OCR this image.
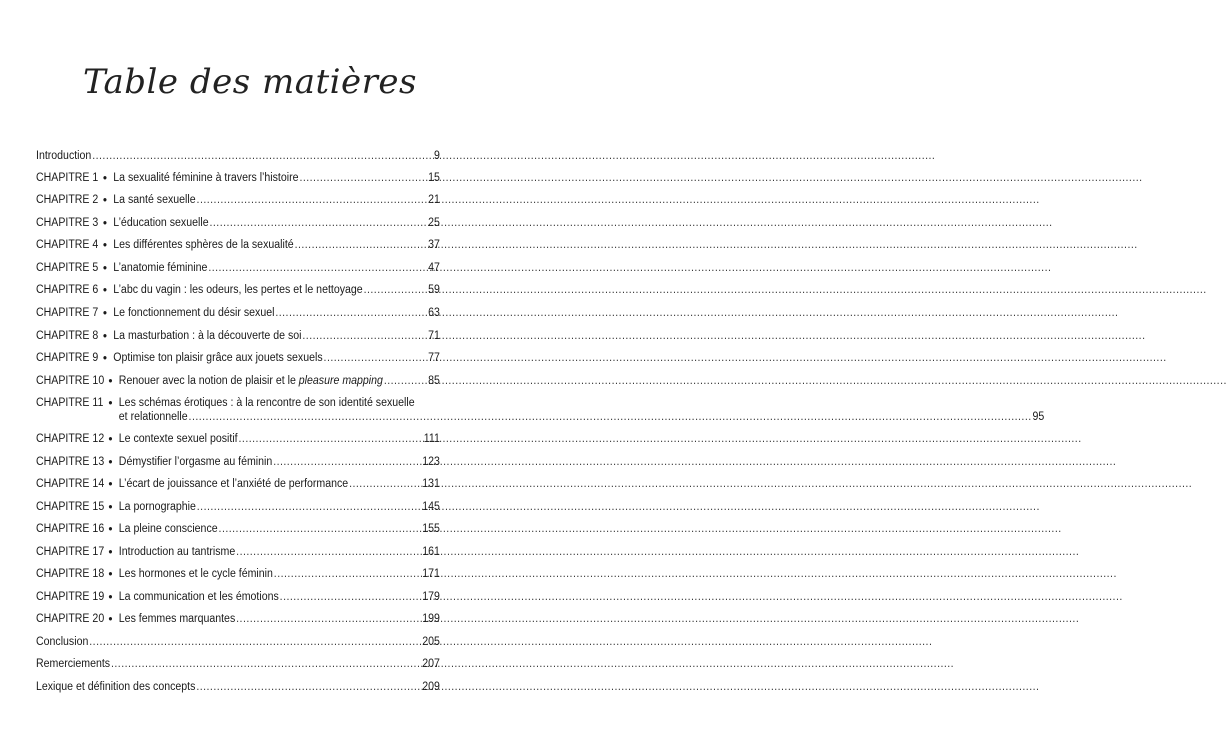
Table des matières
Introduction .....	9
CHAPITRE 1 ● La sexualité féminine à travers l’histoire .....	15
CHAPITRE 2 ● La santé sexuelle .....	21
CHAPITRE 3 ● L’éducation sexuelle .....	25
CHAPITRE 4 ● Les différentes sphères de la sexualité .....	37
CHAPITRE 5 ● L’anatomie féminine .....	47
CHAPITRE 6 ● L’abc du vagin : les odeurs, les pertes et le nettoyage .....	59
CHAPITRE 7 ● Le fonctionnement du désir sexuel .....	63
CHAPITRE 8 ● La masturbation : à la découverte de soi .....	71
CHAPITRE 9 ● Optimise ton plaisir grâce aux jouets sexuels .....	77
CHAPITRE 10 ● Renouer avec la notion de plaisir et le pleasure mapping .....	85
CHAPITRE 11 ● Les schémas érotiques : à la rencontre de son identité sexuelle
et relationnelle .....	95
CHAPITRE 12 ● Le contexte sexuel positif .....	111
CHAPITRE 13 ● Démystifier l’orgasme au féminin .....	123
CHAPITRE 14 ● L’écart de jouissance et l’anxiété de performance .....	131
CHAPITRE 15 ● La pornographie .....	145
CHAPITRE 16 ● La pleine conscience .....	155
CHAPITRE 17 ● Introduction au tantrisme .....	161
CHAPITRE 18 ● Les hormones et le cycle féminin .....	171
CHAPITRE 19 ● La communication et les émotions .....	179
CHAPITRE 20 ● Les femmes marquantes .....	199
Conclusion .....	205
Remerciements .....	207
Lexique et définition des concepts .....	209
